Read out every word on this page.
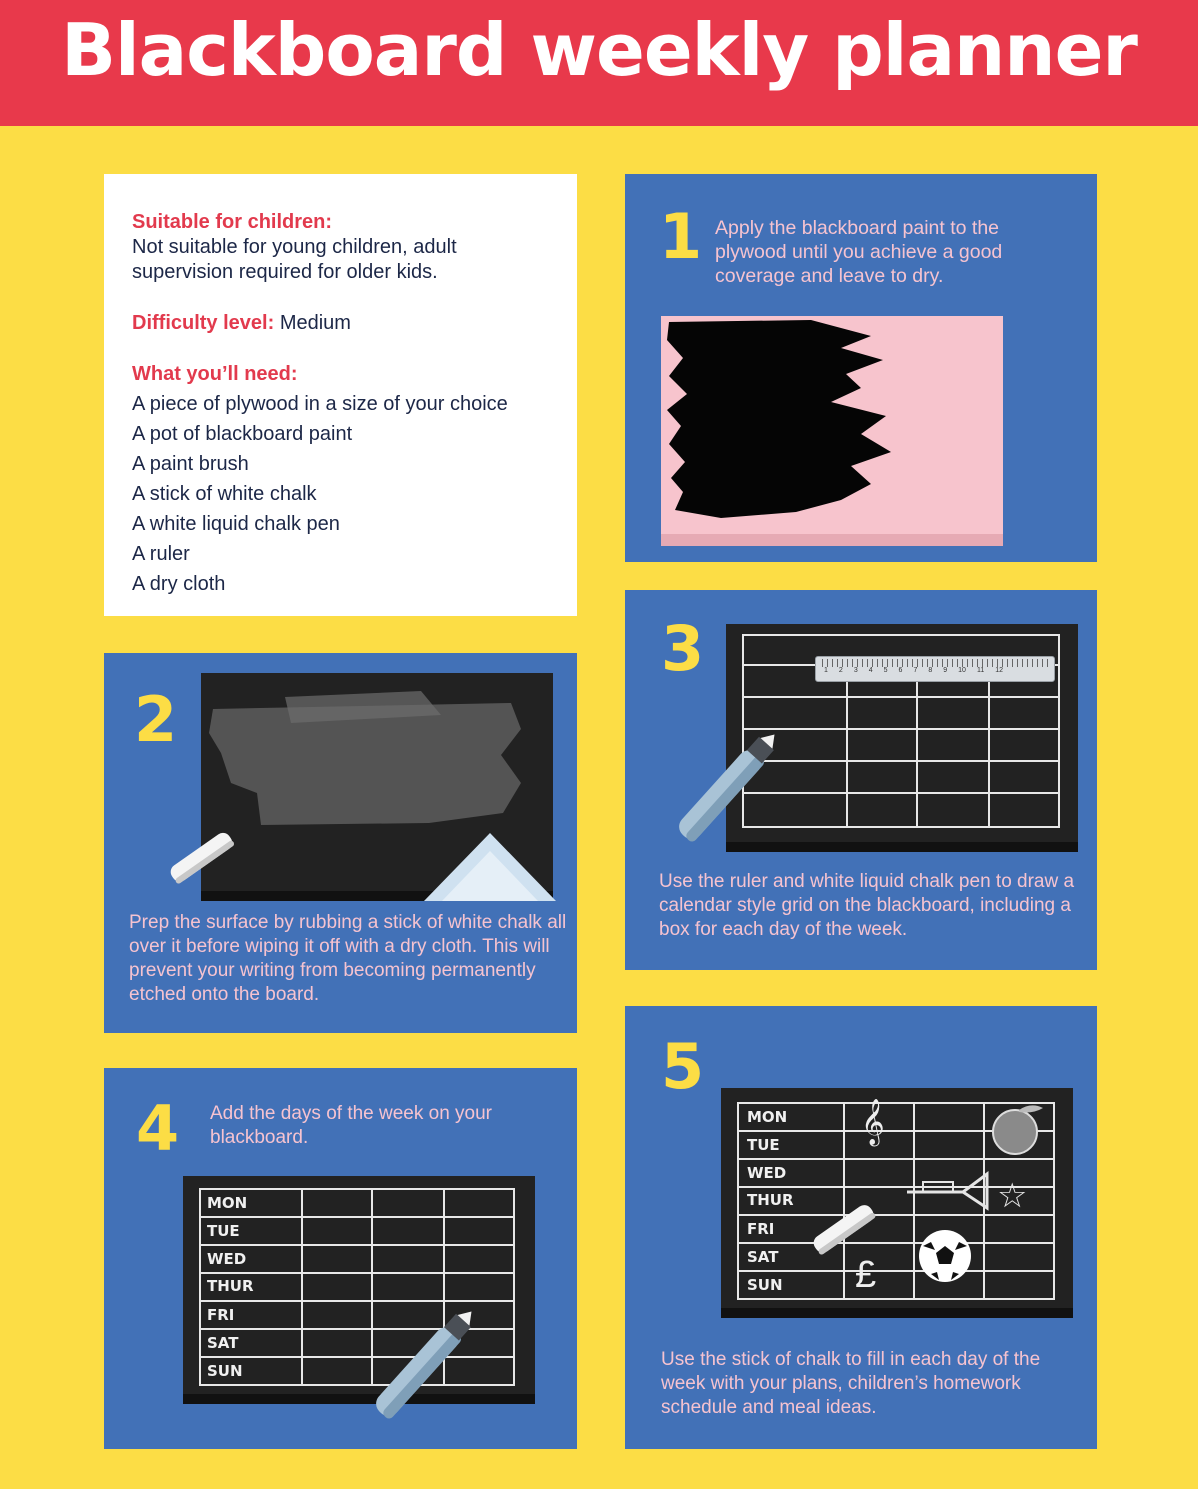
Blackboard weekly planner

Suitable for children:

Not suitable for young children, adult supervision required for older kids.

Difficulty level: Medium

What you’ll need:

A piece of plywood in a size of your choice
A pot of blackboard paint
A paint brush
A stick of white chalk
A white liquid chalk pen
A ruler
A dry cloth
1 Apply the blackboard paint to the plywood until you achieve a good coverage and leave to dry.
2
Prep the surface by rubbing a stick of white chalk all over it before wiping it off with a dry cloth. This will prevent your writing from becoming permanently etched onto the board.
3	1 2 3 4 5 6 7 8 9 10 11 12
Use the ruler and white liquid chalk pen to draw a calendar style grid on the blackboard, including a box for each day of the week.
4 Add the days of the week on your blackboard.
MON
TUE
WED
THUR
FRI
SAT
SUN
5
MON
TUE
WED
THUR
FRI
SAT
SUN
𝄞
☆
£
Use the stick of chalk to fill in each day of the week with your plans, children’s homework schedule and meal ideas.
